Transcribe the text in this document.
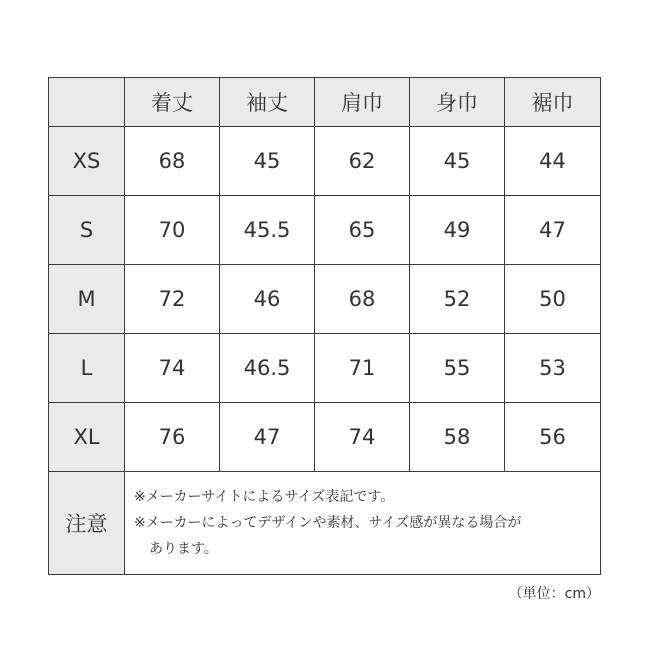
	着丈	袖丈	肩巾	身巾	裾巾
XS	68	45	62	45	44
S	70	45.5	65	49	47
M	72	46	68	52	50
L	74	46.5	71	55	53
XL	76	47	74	58	56
注意	※メーカーサイトによるサイズ表記です。
※メーカーによってデザインや素材、サイズ感が異なる場合が
あります。				
（単位：cm）
